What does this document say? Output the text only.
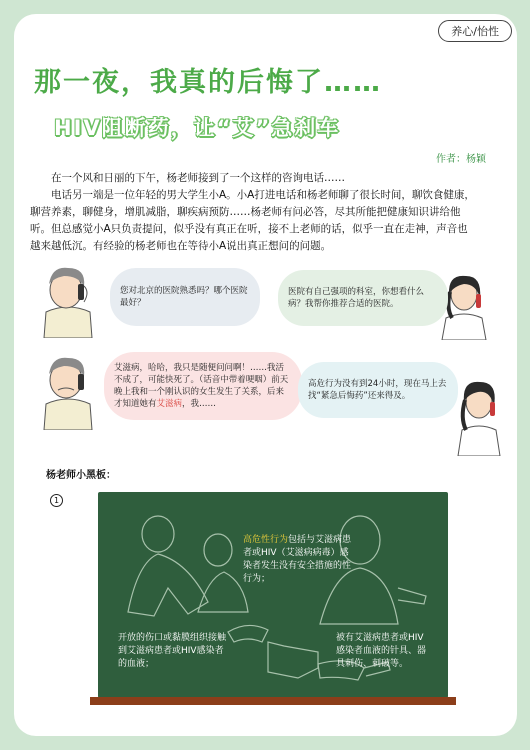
养心/怡性
那一夜，我真的后悔了……
HIV阻断药，让“艾”急刹车
作者：杨颖

在一个风和日丽的下午，杨老师接到了一个这样的咨询电话……

电话另一端是一位年轻的男大学生小A。小A打进电话和杨老师聊了很长时间，聊饮食健康，聊营养素，聊健身，增肌减脂，聊疾病预防……杨老师有问必答，尽其所能把健康知识讲给他听。但总感觉小A只负责提问，似乎没有真正在听，接不上老师的话，似乎一直在走神，声音也越来越低沉。有经验的杨老师也在等待小A说出真正想问的问题。

您对北京的医院熟悉吗？哪个医院最好？
医院有自己强项的科室，你想看什么病？我帮你推荐合适的医院。
艾滋病，哈哈，我只是随便问问啊！……我活不成了，可能快死了。（话音中带着哽咽）前天晚上我和一个刚认识的女生发生了关系，后来才知道她有艾滋病，我……
高危行为没有到24小时，现在马上去找“紧急后悔药”还来得及。
杨老师小黑板：
1
高危性行为包括与艾滋病患者或HIV（艾滋病病毒）感染者发生没有安全措施的性行为；
开放的伤口或黏膜组织接触到艾滋病患者或HIV感染者的血液；
被有艾滋病患者或HIV感染者血液的针具、器具刺伤、刺破等。
